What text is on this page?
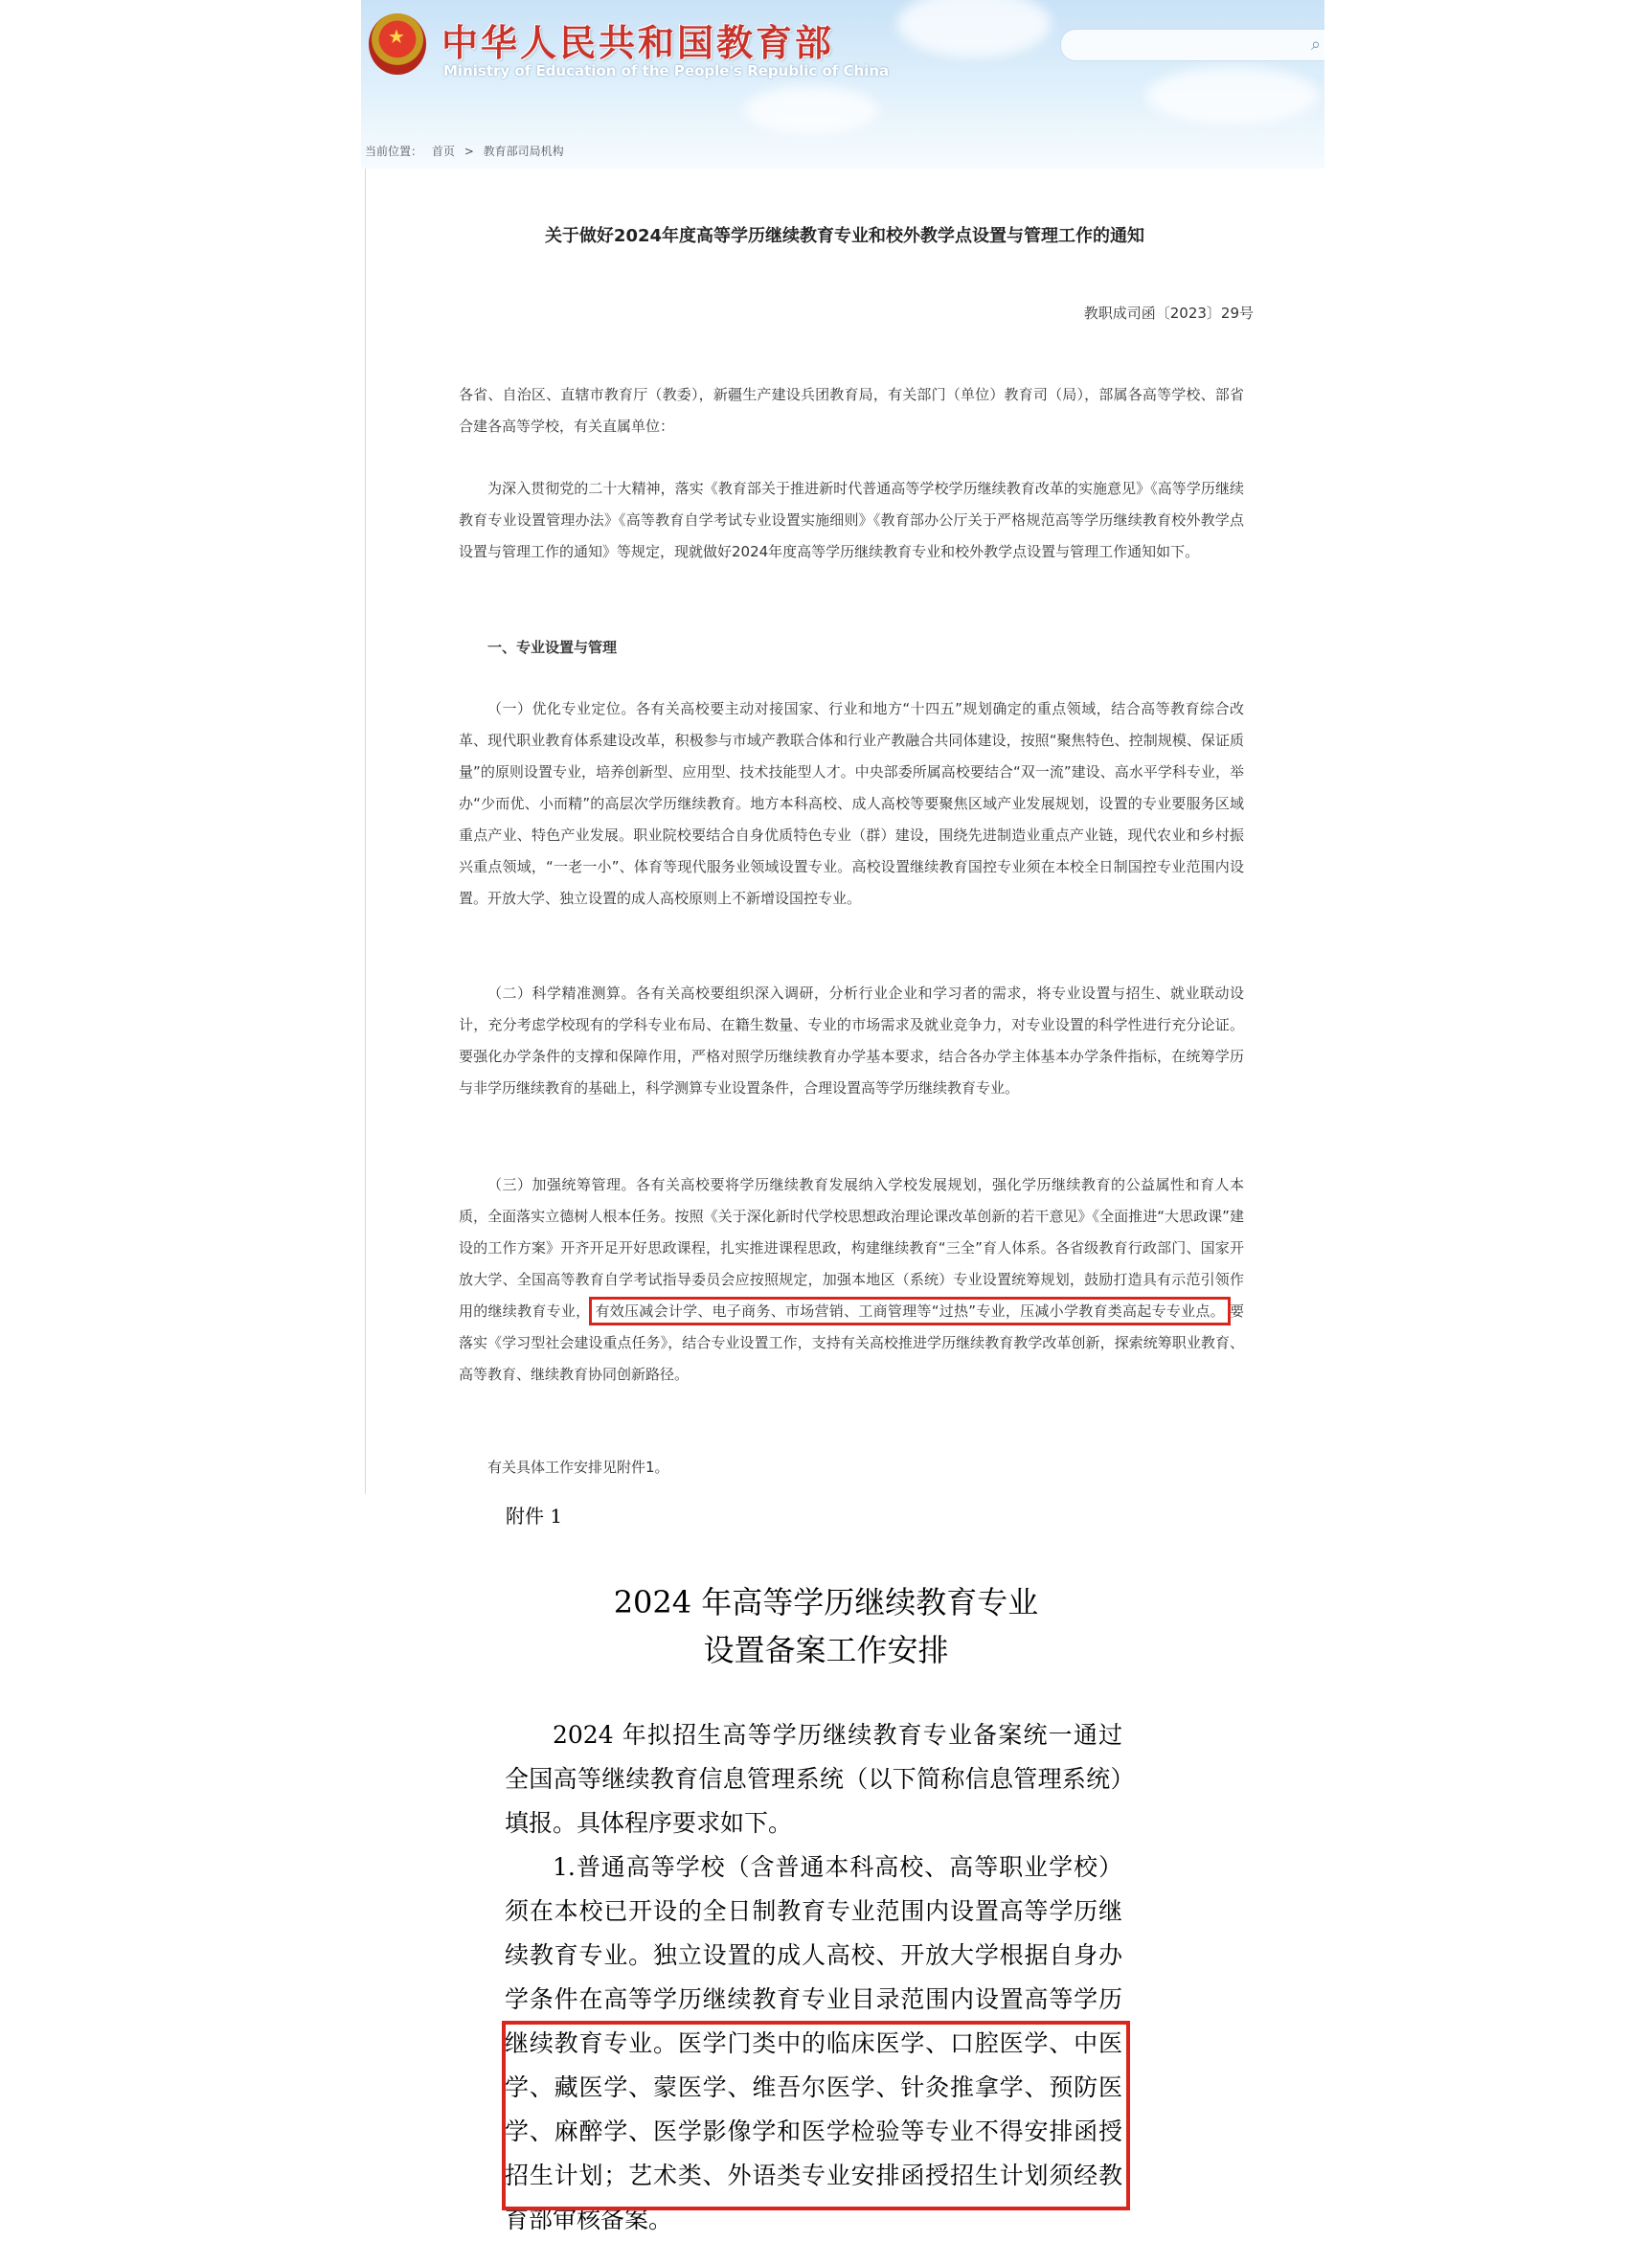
★ 中华人民共和国教育部
Ministry of Education of the People's Republic of China
⌕
当前位置： 首页 > 教育部司局机构
关于做好2024年度高等学历继续教育专业和校外教学点设置与管理工作的通知
教职成司函〔2023〕29号
各省、自治区、直辖市教育厅（教委），新疆生产建设兵团教育局，有关部门（单位）教育司（局），部属各高等学校、部省合建各高等学校，有关直属单位：
为深入贯彻党的二十大精神，落实《教育部关于推进新时代普通高等学校学历继续教育改革的实施意见》《高等学历继续教育专业设置管理办法》《高等教育自学考试专业设置实施细则》《教育部办公厅关于严格规范高等学历继续教育校外教学点设置与管理工作的通知》等规定，现就做好2024年度高等学历继续教育专业和校外教学点设置与管理工作通知如下。
一、专业设置与管理
（一）优化专业定位。各有关高校要主动对接国家、行业和地方“十四五”规划确定的重点领域，结合高等教育综合改革、现代职业教育体系建设改革，积极参与市域产教联合体和行业产教融合共同体建设，按照“聚焦特色、控制规模、保证质量”的原则设置专业，培养创新型、应用型、技术技能型人才。中央部委所属高校要结合“双一流”建设、高水平学科专业，举办“少而优、小而精”的高层次学历继续教育。地方本科高校、成人高校等要聚焦区域产业发展规划，设置的专业要服务区域重点产业、特色产业发展。职业院校要结合自身优质特色专业（群）建设，围绕先进制造业重点产业链，现代农业和乡村振兴重点领域，“一老一小”、体育等现代服务业领域设置专业。高校设置继续教育国控专业须在本校全日制国控专业范围内设置。开放大学、独立设置的成人高校原则上不新增设国控专业。
（二）科学精准测算。各有关高校要组织深入调研，分析行业企业和学习者的需求，将专业设置与招生、就业联动设计，充分考虑学校现有的学科专业布局、在籍生数量、专业的市场需求及就业竞争力，对专业设置的科学性进行充分论证。要强化办学条件的支撑和保障作用，严格对照学历继续教育办学基本要求，结合各办学主体基本办学条件指标，在统筹学历与非学历继续教育的基础上，科学测算专业设置条件，合理设置高等学历继续教育专业。
（三）加强统筹管理。各有关高校要将学历继续教育发展纳入学校发展规划，强化学历继续教育的公益属性和育人本质，全面落实立德树人根本任务。按照《关于深化新时代学校思想政治理论课改革创新的若干意见》《全面推进“大思政课”建设的工作方案》开齐开足开好思政课程，扎实推进课程思政，构建继续教育“三全”育人体系。各省级教育行政部门、国家开放大学、全国高等教育自学考试指导委员会应按照规定，加强本地区（系统）专业设置统筹规划，鼓励打造具有示范引领作用的继续教育专业， 有效压减会计学、电子商务、市场营销、工商管理等“过热”专业，压减小学教育类高起专专业点。 要落实《学习型社会建设重点任务》，结合专业设置工作，支持有关高校推进学历继续教育教学改革创新，探索统筹职业教育、高等教育、继续教育协同创新路径。
有关具体工作安排见附件1。
附件 1
2024 年高等学历继续教育专业
设置备案工作安排
2024 年拟招生高等学历继续教育专业备案统一通过全国高等继续教育信息管理系统（以下简称信息管理系统）填报。具体程序要求如下。
1.普通高等学校（含普通本科高校、高等职业学校）须在本校已开设的全日制教育专业范围内设置高等学历继续教育专业。独立设置的成人高校、开放大学根据自身办学条件在高等学历继续教育专业目录范围内设置高等学历继续教育专业。医学门类中的临床医学、口腔医学、中医学、藏医学、蒙医学、维吾尔医学、针灸推拿学、预防医学、麻醉学、医学影像学和医学检验等专业不得安排函授招生计划；艺术类、外语类专业安排函授招生计划须经教育部审核备案。
